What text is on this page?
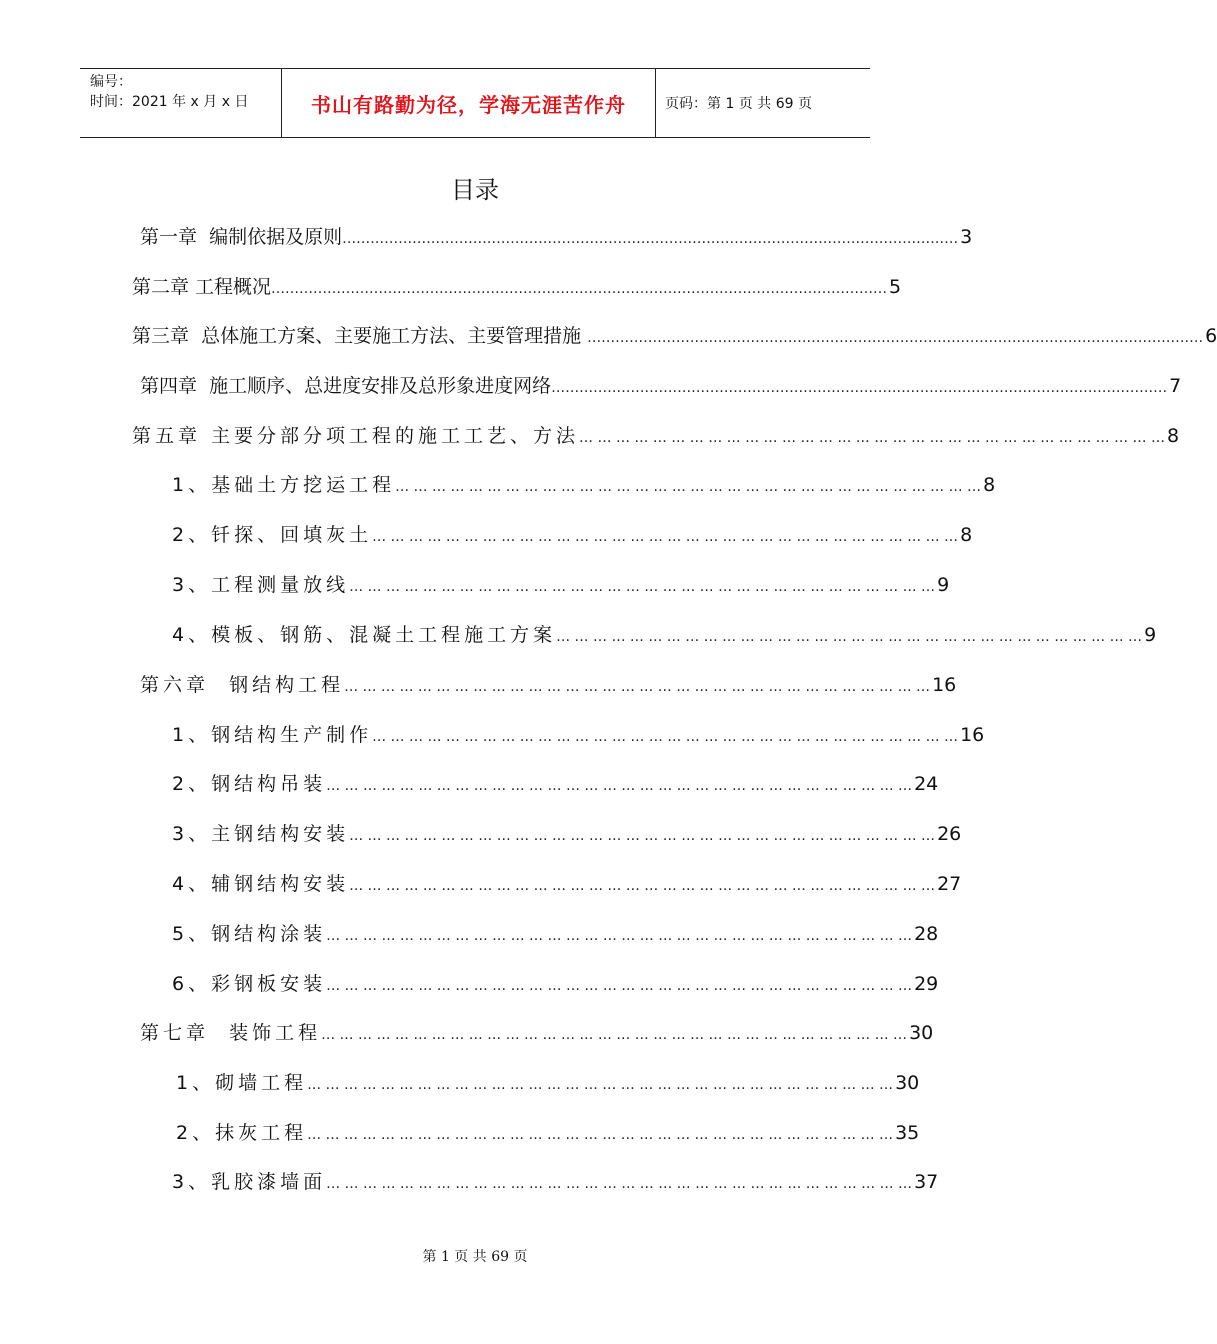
编号：
时间：2021 年 x 月 x 日	书山有路勤为径，学海无涯苦作舟	页码：第 1 页 共 69 页
目录
第一章  编制依据及原则 …………………………………………………………………………………………………………………… 3
第二章 工程概况 …………………………………………………………………………………………………………………… 5
第三章  总体施工方案、主要施工方法、主要管理措施 …………………………………………………………………………………………………………………… 6
第四章  施工顺序、总进度安排及总形象进度网络 …………………………………………………………………………………………………………………… 7
第五章 主要分部分项工程的施工工艺、方法 … … … … … … … … … … … … … … … … … … … … … … … … … … … … … … … … 8
1、基础土方挖运工程 … … … … … … … … … … … … … … … … … … … … … … … … … … … … … … … … 8
2、钎探、回填灰土 … … … … … … … … … … … … … … … … … … … … … … … … … … … … … … … … 8
3、工程测量放线 … … … … … … … … … … … … … … … … … … … … … … … … … … … … … … … … 9
4、模板、钢筋、混凝土工程施工方案 … … … … … … … … … … … … … … … … … … … … … … … … … … … … … … … … 9
第六章  钢结构工程 … … … … … … … … … … … … … … … … … … … … … … … … … … … … … … … … 16
1、钢结构生产制作 … … … … … … … … … … … … … … … … … … … … … … … … … … … … … … … … 16
2、钢结构吊装 … … … … … … … … … … … … … … … … … … … … … … … … … … … … … … … … 24
3、主钢结构安装 … … … … … … … … … … … … … … … … … … … … … … … … … … … … … … … … 26
4、辅钢结构安装 … … … … … … … … … … … … … … … … … … … … … … … … … … … … … … … … 27
5、钢结构涂装 … … … … … … … … … … … … … … … … … … … … … … … … … … … … … … … … 28
6、彩钢板安装 … … … … … … … … … … … … … … … … … … … … … … … … … … … … … … … … 29
第七章  装饰工程 … … … … … … … … … … … … … … … … … … … … … … … … … … … … … … … … 30
1、砌墙工程 … … … … … … … … … … … … … … … … … … … … … … … … … … … … … … … … 30
2、抹灰工程 … … … … … … … … … … … … … … … … … … … … … … … … … … … … … … … … 35
3、乳胶漆墙面 … … … … … … … … … … … … … … … … … … … … … … … … … … … … … … … … 37
第 1 页 共 69 页
